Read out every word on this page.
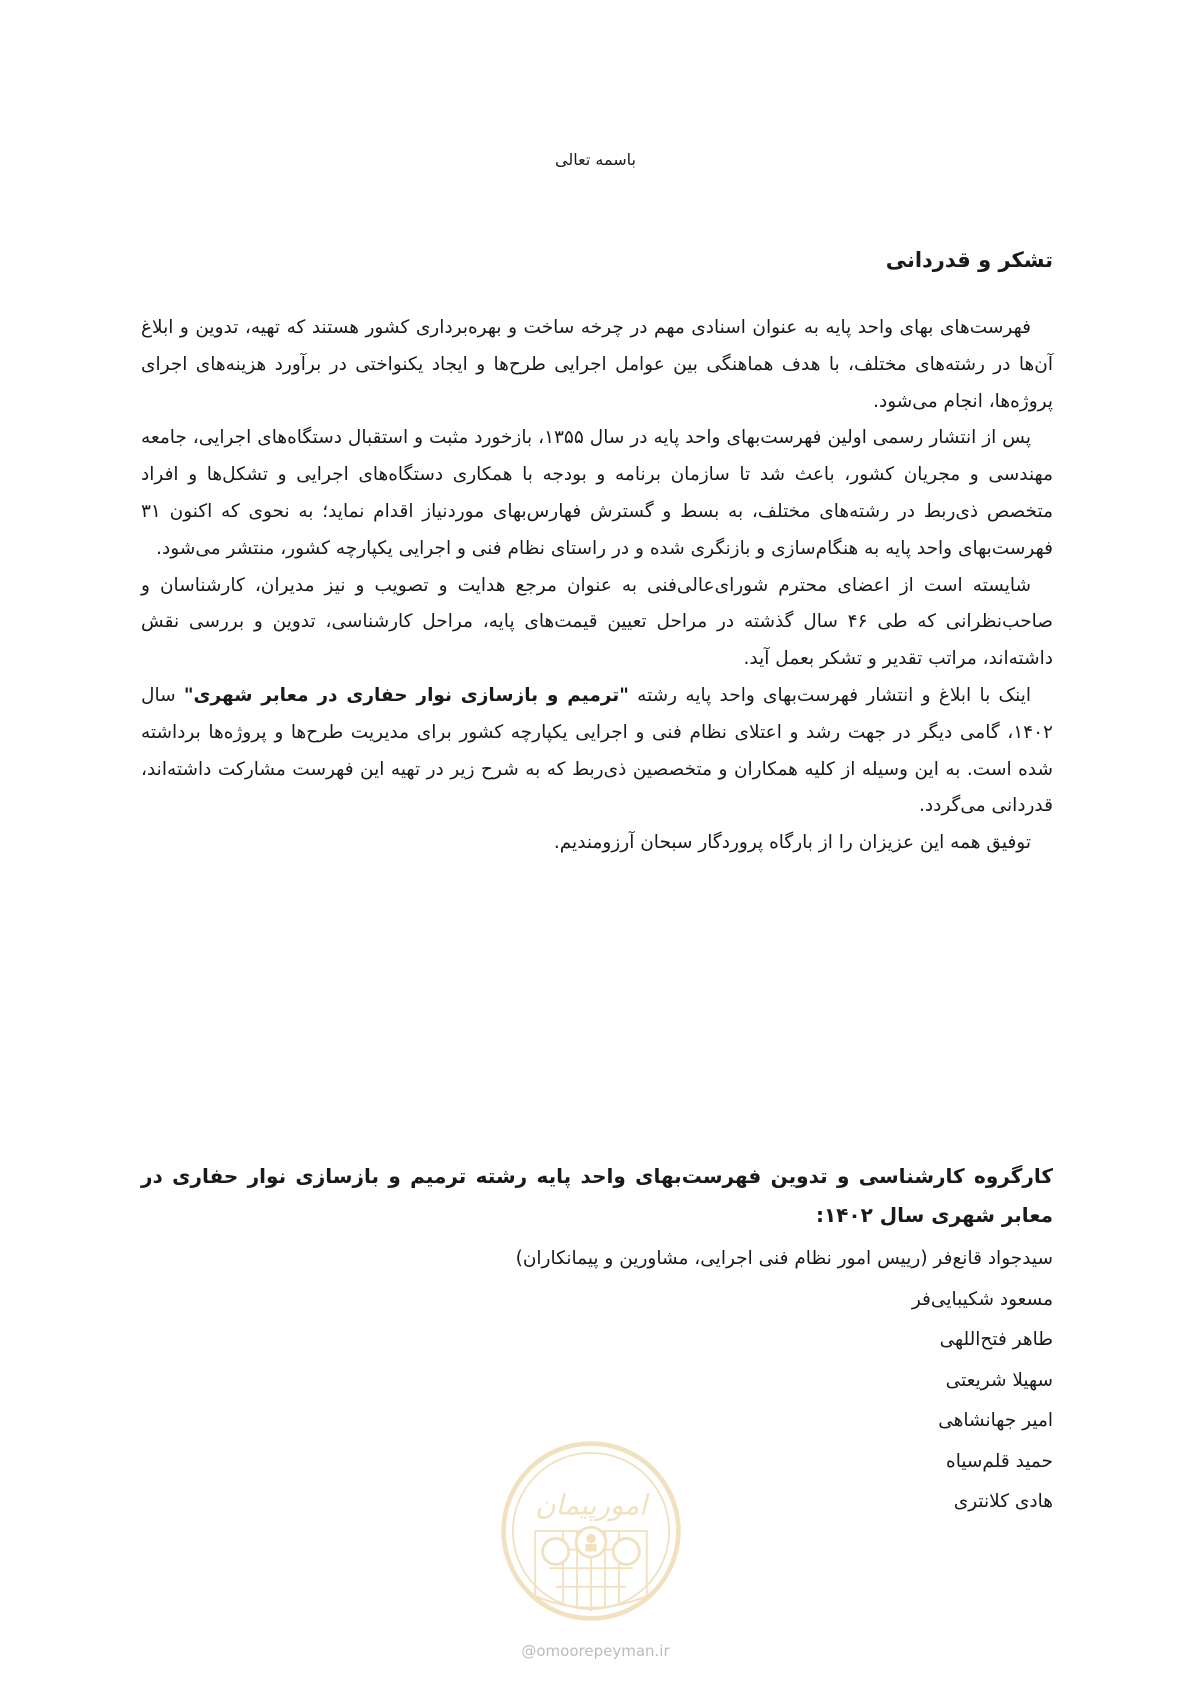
باسمه تعالی
تشکر و قدردانی

فهرست‌های بهای واحد پایه به عنوان اسنادی مهم در چرخه ساخت و بهره‌برداری کشور هستند که تهیه، تدوین و ابلاغ آن‌ها در رشته‌های مختلف، با هدف هماهنگی بین عوامل اجرایی طرح‌ها و ایجاد یکنواختی در برآورد هزینه‌های اجرای پروژه‌ها، انجام می‌شود.

پس از انتشار رسمی اولین فهرست‌بهای واحد پایه در سال ۱۳۵۵، بازخورد مثبت و استقبال دستگاه‌های اجرایی، جامعه مهندسی و مجریان کشور، باعث شد تا سازمان برنامه و بودجه با همکاری دستگاه‌های اجرایی و تشکل‌ها و افراد متخصص ذی‌ربط در رشته‌های مختلف، به بسط و گسترش فهارس‌بهای موردنیاز اقدام نماید؛ به نحوی که اکنون ۳۱ فهرست‌بهای واحد پایه به هنگام‌سازی و بازنگری شده و در راستای نظام فنی و اجرایی یکپارچه کشور، منتشر می‌شود.

شایسته است از اعضای محترم شورای‌عالی‌فنی به عنوان مرجع هدایت و تصویب و نیز مدیران، کارشناسان و صاحب‌نظرانی که طی ۴۶ سال گذشته در مراحل تعیین قیمت‌های پایه، مراحل کارشناسی، تدوین و بررسی نقش داشته‌اند، مراتب تقدیر و تشکر بعمل آید.

اینک با ابلاغ و انتشار فهرست‌بهای واحد پایه رشته "ترمیم و بازسازی نوار حفاری در معابر شهری" سال ۱۴۰۲، گامی دیگر در جهت رشد و اعتلای نظام فنی و اجرایی یکپارچه کشور برای مدیریت طرح‌ها و پروژه‌ها برداشته شده است. به این وسیله از کلیه همکاران و متخصصین ذی‌ربط که به شرح زیر در تهیه این فهرست مشارکت داشته‌اند، قدردانی می‌گردد.

توفیق همه این عزیزان را از بارگاه پروردگار سبحان آرزومندیم.

کارگروه کارشناسی و تدوین فهرست‌بهای واحد پایه رشته ترمیم و بازسازی نوار حفاری در معابر شهری سال ۱۴۰۲:

سیدجواد قانع‌فر (رییس امور نظام فنی اجرایی، مشاورین و پیمانکاران)
مسعود شکیبایی‌فر
طاهر فتح‌اللهی
سهیلا شریعتی
امیر جهانشاهی
حمید قلم‌سیاه
هادی کلانتری
امورپیمان
@omoorepeyman.ir
